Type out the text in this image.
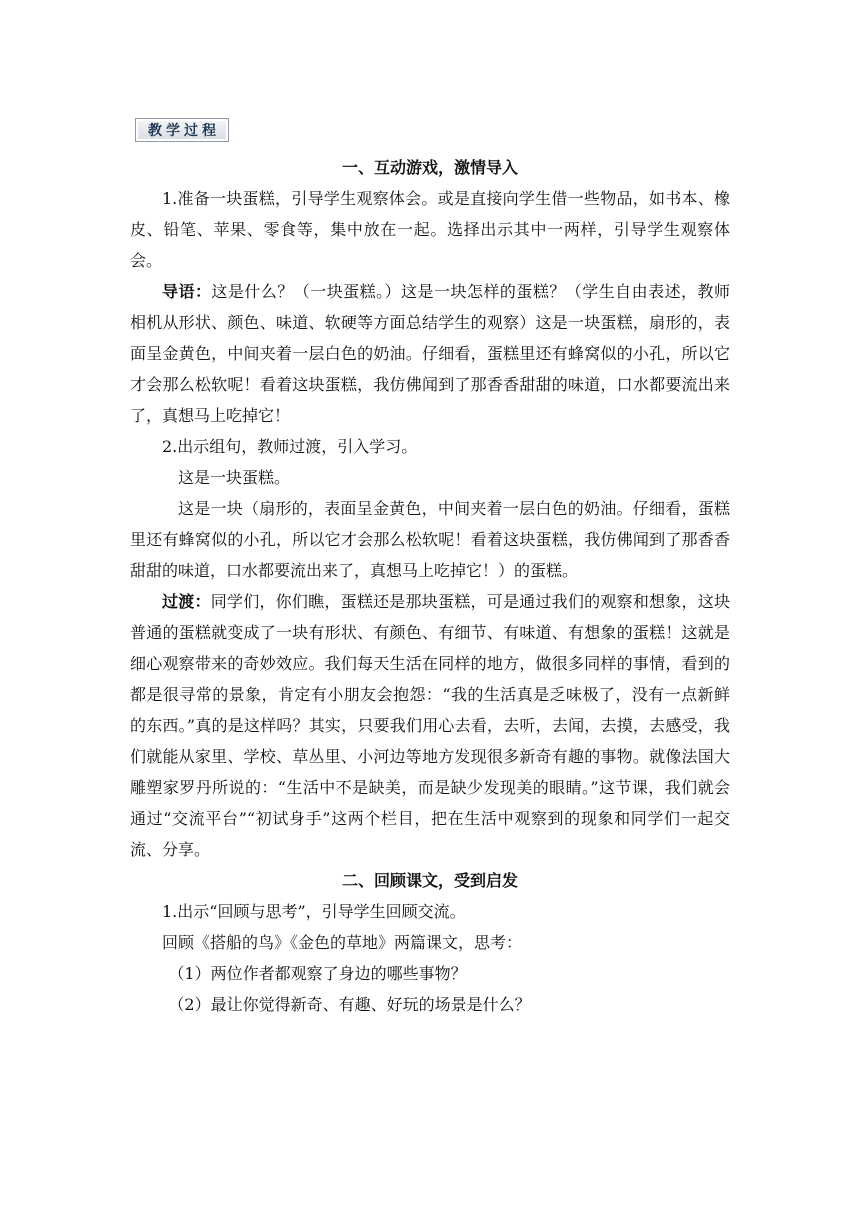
教学过程
一、互动游戏，激情导入

1.准备一块蛋糕，引导学生观察体会。或是直接向学生借一些物品，如书本、橡皮、铅笔、苹果、零食等，集中放在一起。选择出示其中一两样，引导学生观察体会。

导语：这是什么？（一块蛋糕。）这是一块怎样的蛋糕？（学生自由表述，教师相机从形状、颜色、味道、软硬等方面总结学生的观察）这是一块蛋糕，扇形的，表面呈金黄色，中间夹着一层白色的奶油。仔细看，蛋糕里还有蜂窝似的小孔，所以它才会那么松软呢！看着这块蛋糕，我仿佛闻到了那香香甜甜的味道，口水都要流出来了，真想马上吃掉它！

2.出示组句，教师过渡，引入学习。

这是一块蛋糕。

这是一块（扇形的，表面呈金黄色，中间夹着一层白色的奶油。仔细看，蛋糕里还有蜂窝似的小孔，所以它才会那么松软呢！看着这块蛋糕，我仿佛闻到了那香香甜甜的味道，口水都要流出来了，真想马上吃掉它！）的蛋糕。

过渡：同学们，你们瞧，蛋糕还是那块蛋糕，可是通过我们的观察和想象，这块普通的蛋糕就变成了一块有形状、有颜色、有细节、有味道、有想象的蛋糕！这就是细心观察带来的奇妙效应。我们每天生活在同样的地方，做很多同样的事情，看到的都是很寻常的景象，肯定有小朋友会抱怨：“我的生活真是乏味极了，没有一点新鲜的东西。”真的是这样吗？其实，只要我们用心去看，去听，去闻，去摸，去感受，我们就能从家里、学校、草丛里、小河边等地方发现很多新奇有趣的事物。就像法国大雕塑家罗丹所说的：“生活中不是缺美，而是缺少发现美的眼睛。”这节课，我们就会通过“交流平台”“初试身手”这两个栏目，把在生活中观察到的现象和同学们一起交流、分享。

二、回顾课文，受到启发

1.出示“回顾与思考”，引导学生回顾交流。

回顾《搭船的鸟》《金色的草地》两篇课文，思考：

（1）两位作者都观察了身边的哪些事物？

（2）最让你觉得新奇、有趣、好玩的场景是什么？
